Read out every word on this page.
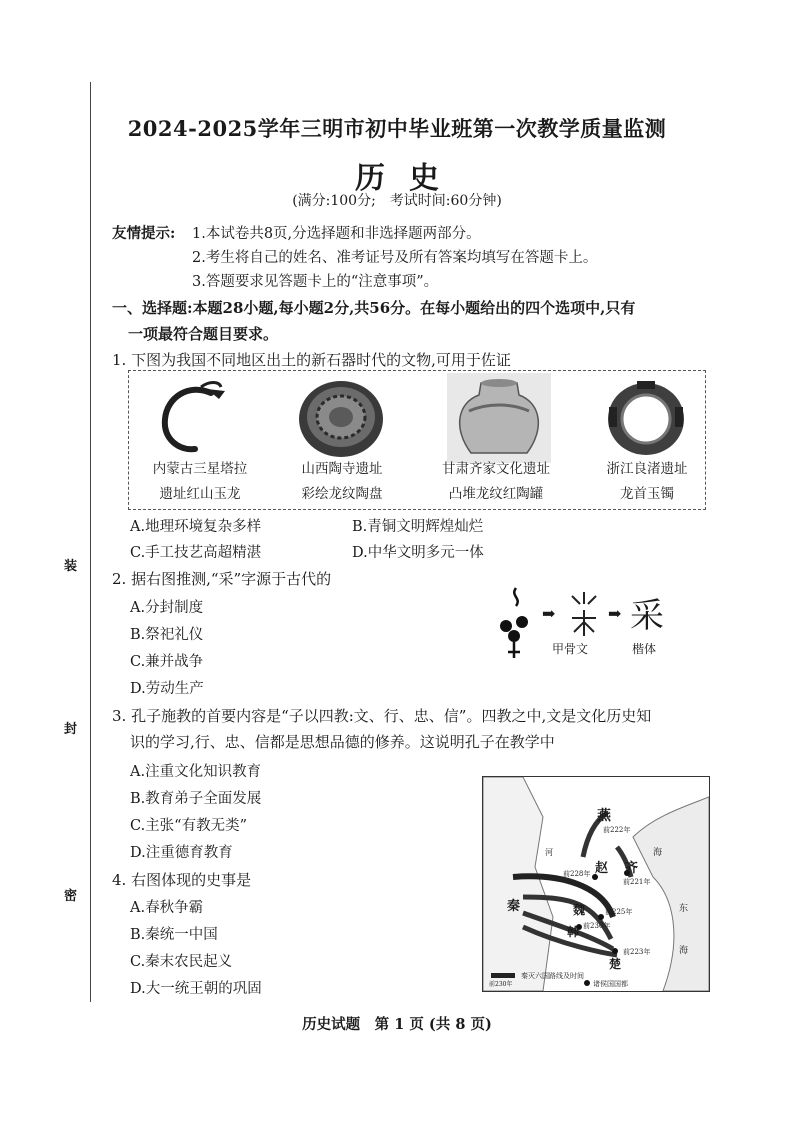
装
封
密
2024-2025学年三明市初中毕业班第一次教学质量监测
历史
(满分:100分;　考试时间:60分钟)
友情提示: 1.本试卷共8页,分选择题和非选择题两部分。
2.考生将自己的姓名、准考证号及所有答案均填写在答题卡上。
3.答题要求见答题卡上的“注意事项”。
一、选择题:本题28小题,每小题2分,共56分。在每小题给出的四个选项中,只有
一项最符合题目要求。
1. 下图为我国不同地区出土的新石器时代的文物,可用于佐证
内蒙古三星塔拉
遗址红山玉龙
山西陶寺遗址
彩绘龙纹陶盘
甘肃齐家文化遗址
凸堆龙纹红陶罐
浙江良渚遗址
龙首玉镯
A.地理环境复杂多样	B.青铜文明辉煌灿烂
C.手工技艺高超精湛	D.中华文明多元一体
2. 据右图推测,“采”字源于古代的
A.分封制度
B.祭祀礼仪
C.兼并战争
D.劳动生产
➡	➡ 采
甲骨文	楷体
3. 孔子施教的首要内容是“子以四教:文、行、忠、信”。四教之中,文是文化历史知
识的学习,行、忠、信都是思想品德的修养。这说明孔子在教学中
A.注重文化知识教育
B.教育弟子全面发展
C.主张“有教无类”
D.注重德育教育
4. 右图体现的史事是
A.春秋争霸
B.秦统一中国
C.秦末农民起义
D.大一统王朝的巩固
燕
赵 齐
秦	魏
韩
楚
前222年
前228年
前221年
前225年
前230年
前223年
河	海
东
海
前230年
秦灭六国路线及时间
诸侯国国都
历史试题　第 1 页 (共 8 页)
